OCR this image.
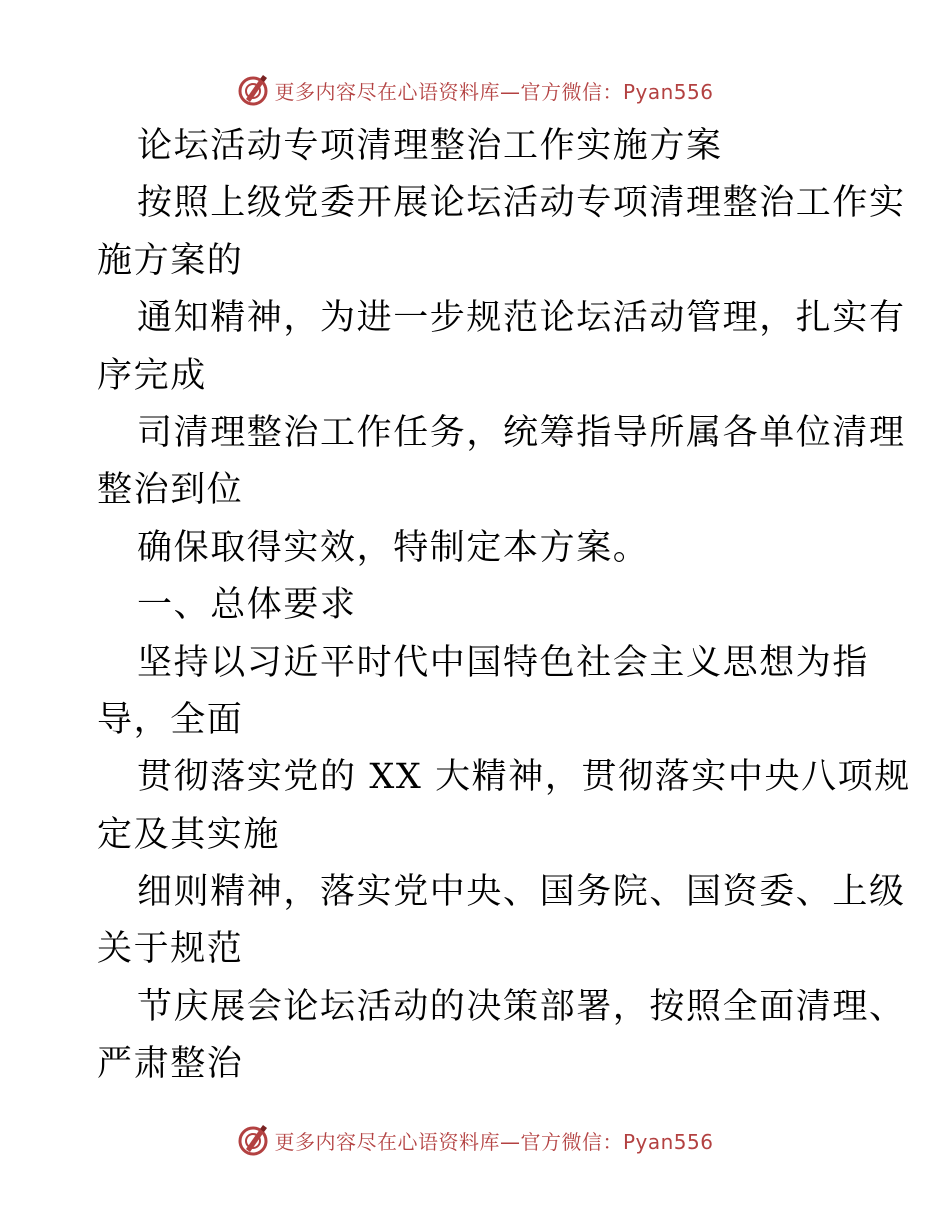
更多内容尽在心语资料库—官方微信：Pyan556
论坛活动专项清理整治工作实施方案
按照上级党委开展论坛活动专项清理整治工作实
施方案的
通知精神，为进一步规范论坛活动管理，扎实有
序完成
司清理整治工作任务，统筹指导所属各单位清理
整治到位
确保取得实效，特制定本方案。
一、总体要求
坚持以习近平时代中国特色社会主义思想为指
导，全面
贯彻落实党的 XX 大精神，贯彻落实中央八项规
定及其实施
细则精神，落实党中央、国务院、国资委、上级
关于规范
节庆展会论坛活动的决策部署，按照全面清理、
严肃整治
更多内容尽在心语资料库—官方微信：Pyan556
